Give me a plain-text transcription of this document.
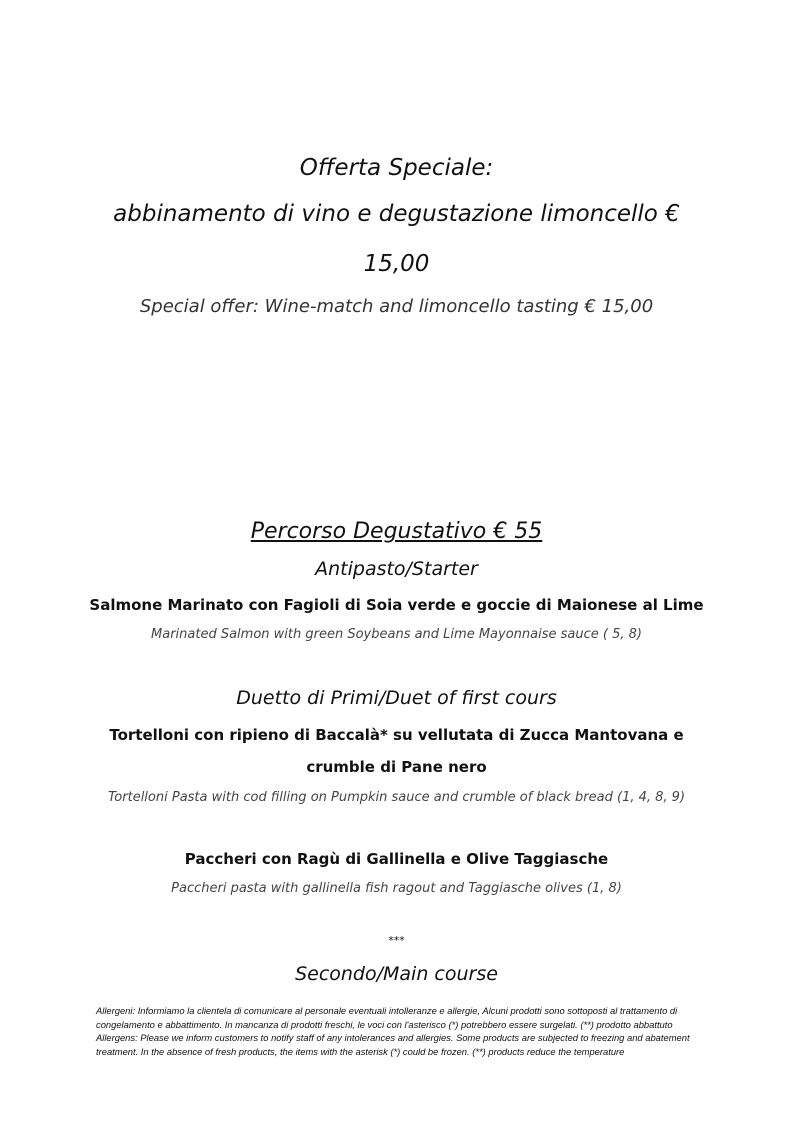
Offerta Speciale:
abbinamento di vino e degustazione limoncello €
15,00
Special offer: Wine-match and limoncello tasting € 15,00
Percorso Degustativo € 55
Antipasto/Starter
Salmone Marinato con Fagioli di Soia verde e goccie di Maionese al Lime
Marinated Salmon with green Soybeans and Lime Mayonnaise sauce ( 5, 8)
Duetto di Primi/Duet of first cours
Tortelloni con ripieno di Baccalà* su vellutata di Zucca Mantovana e
crumble di Pane nero
Tortelloni Pasta with cod filling on Pumpkin sauce and crumble of black bread (1, 4, 8, 9)
Paccheri con Ragù di Gallinella e Olive Taggiasche
Paccheri pasta with gallinella fish ragout and Taggiasche olives (1, 8)
***
Secondo/Main course
Allergeni: Informiamo la clientela di comunicare al personale eventuali intolleranze e allergie, Alcuni prodotti sono sottoposti al trattamento di
congelamento e abbattimento. In mancanza di prodotti freschi, le voci con l'asterisco (*) potrebbero essere surgelati. (**) prodotto abbattuto
Allergens: Please we inform customers to notify staff of any intolerances and allergies. Some products are subjected to freezing and abatement
treatment. In the absence of fresh products, the items with the asterisk (*) could be frozen. (**) products reduce the temperature
